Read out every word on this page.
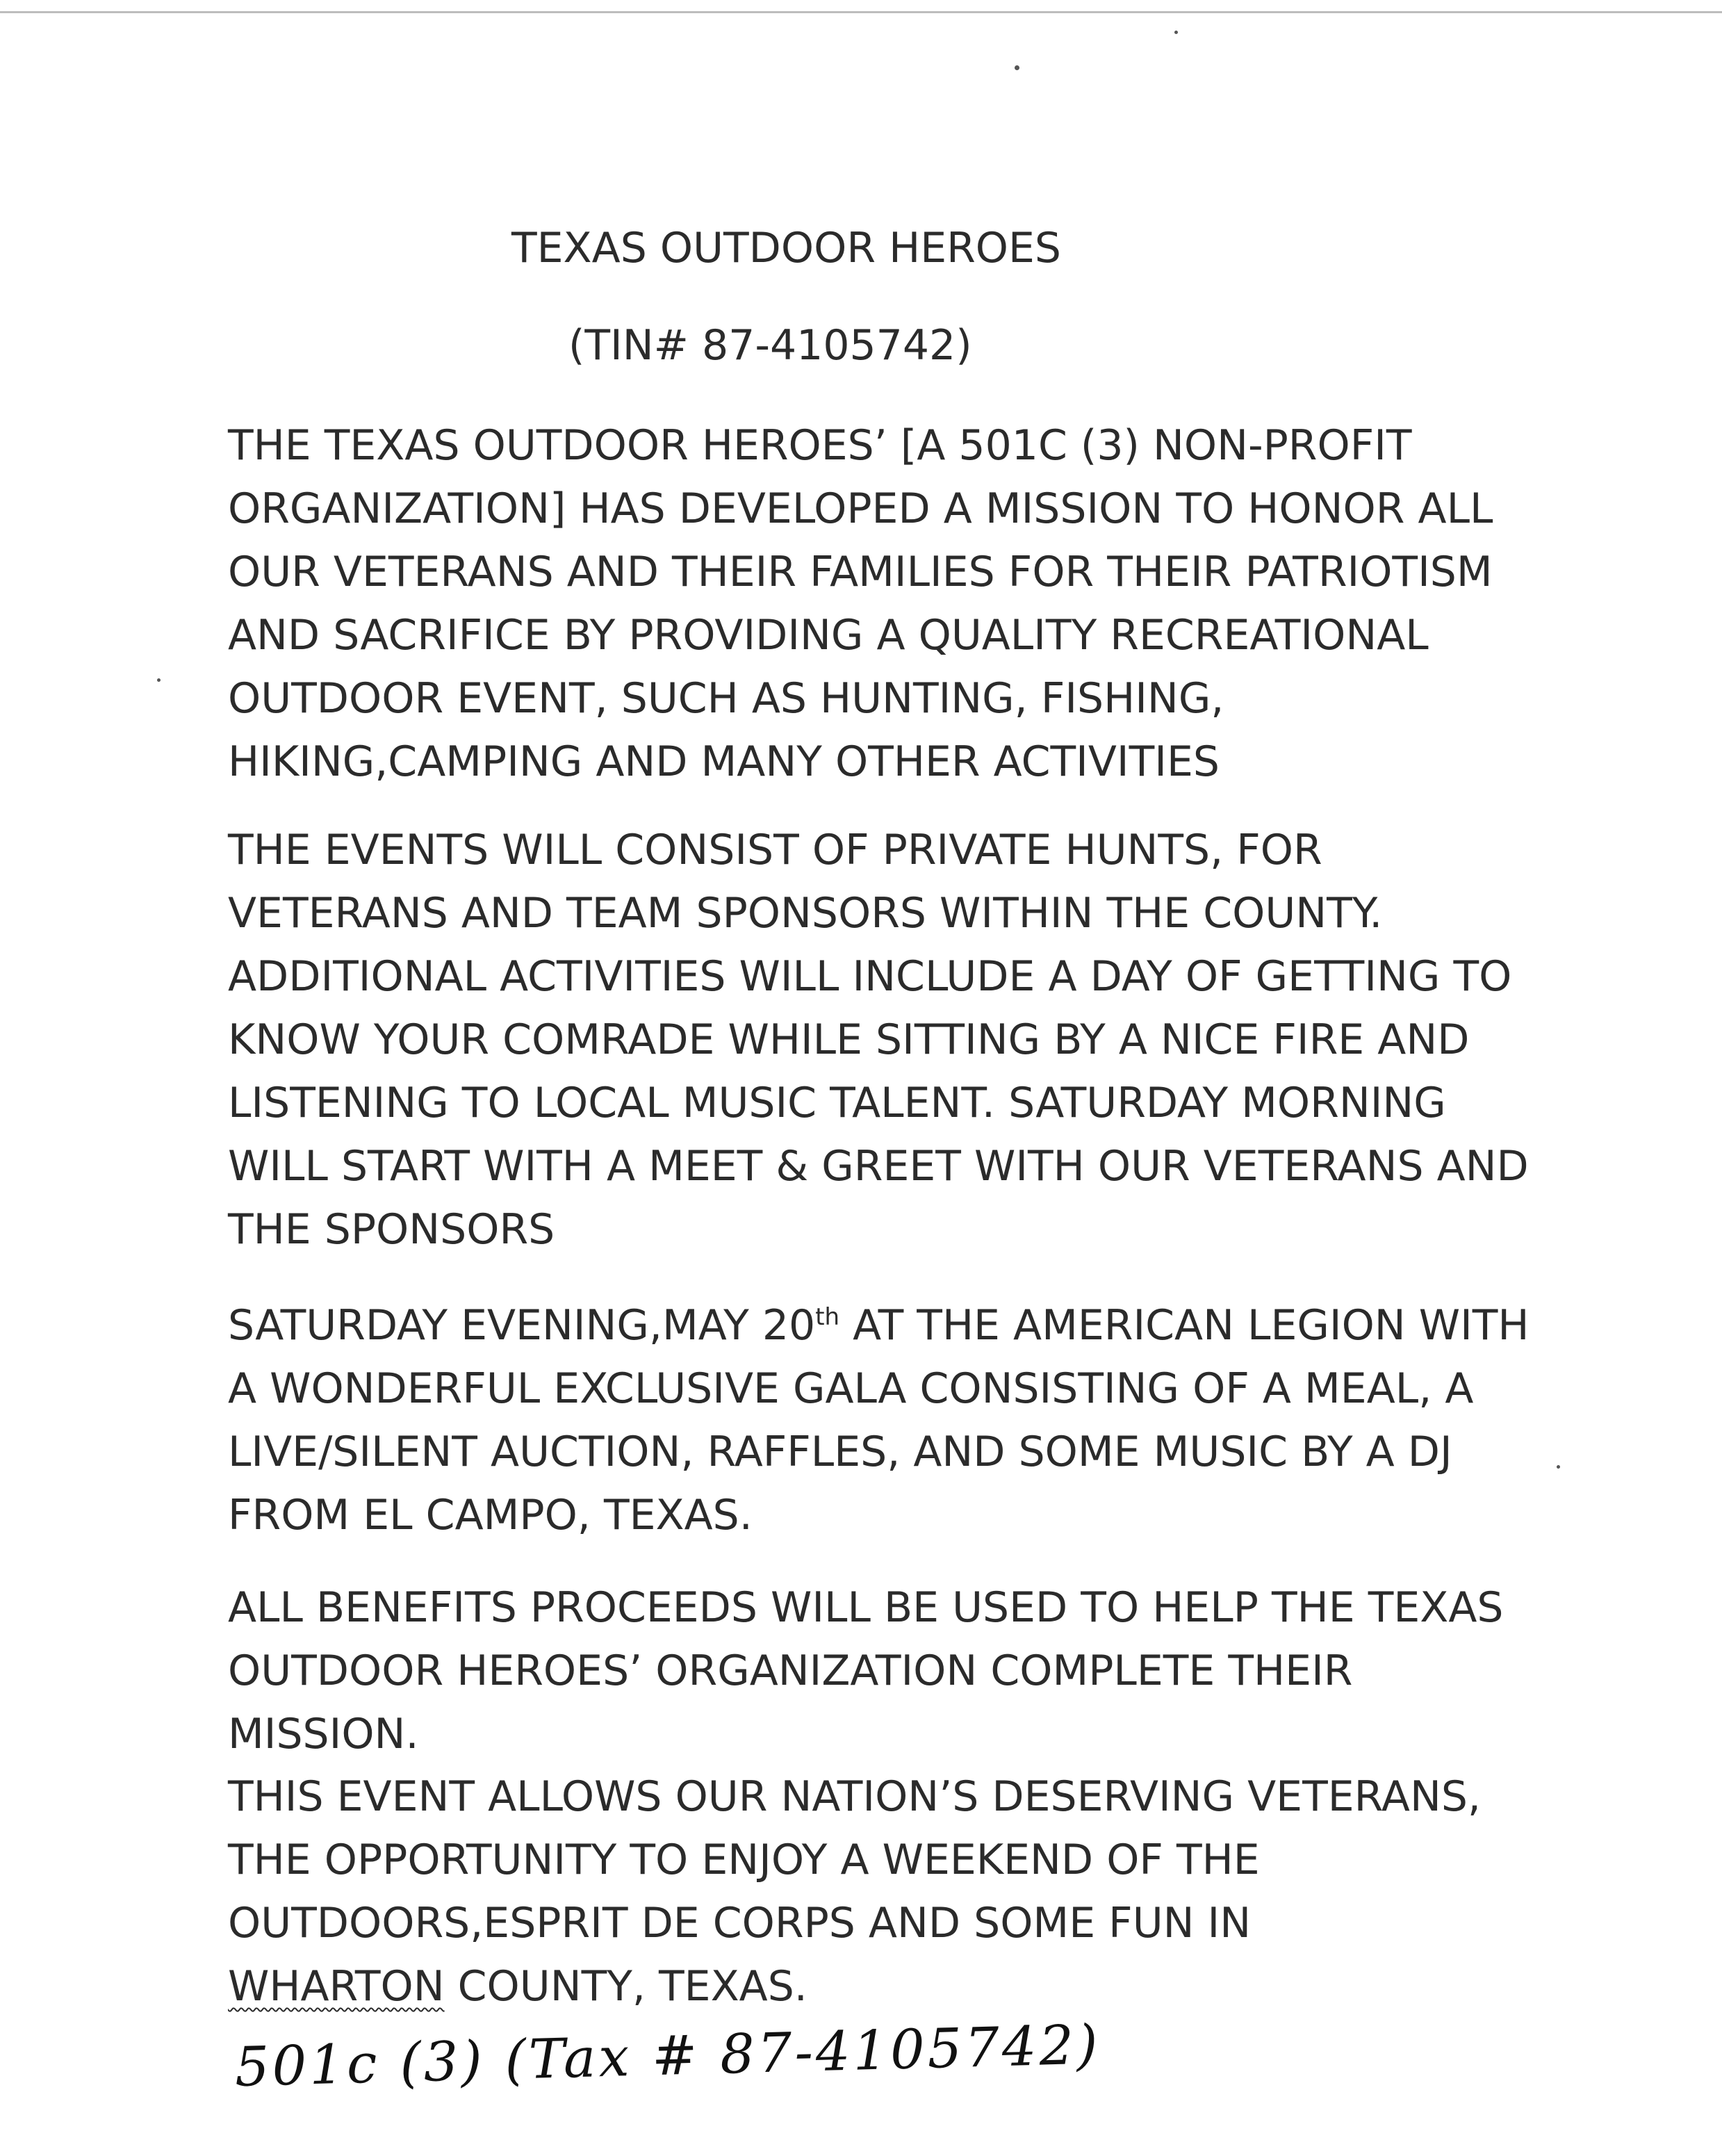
TEXAS OUTDOOR HEROES
(TIN# 87-4105742)
THE TEXAS OUTDOOR HEROES’ [A 501C (3) NON-PROFIT
ORGANIZATION] HAS DEVELOPED A MISSION TO HONOR ALL
OUR VETERANS AND THEIR FAMILIES FOR THEIR PATRIOTISM
AND SACRIFICE BY PROVIDING A QUALITY RECREATIONAL
OUTDOOR EVENT, SUCH AS HUNTING, FISHING,
HIKING,CAMPING AND MANY OTHER ACTIVITIES
THE EVENTS WILL CONSIST OF PRIVATE HUNTS, FOR
VETERANS AND TEAM SPONSORS WITHIN THE COUNTY.
ADDITIONAL ACTIVITIES WILL INCLUDE A DAY OF GETTING TO
KNOW YOUR COMRADE WHILE SITTING BY A NICE FIRE AND
LISTENING TO LOCAL MUSIC TALENT. SATURDAY MORNING
WILL START WITH A MEET & GREET WITH OUR VETERANS AND
THE SPONSORS
SATURDAY EVENING,MAY 20th AT THE AMERICAN LEGION WITH
A WONDERFUL EXCLUSIVE GALA CONSISTING OF A MEAL, A
LIVE/SILENT AUCTION, RAFFLES, AND SOME MUSIC BY A DJ
FROM EL CAMPO, TEXAS.
ALL BENEFITS PROCEEDS WILL BE USED TO HELP THE TEXAS
OUTDOOR HEROES’ ORGANIZATION COMPLETE THEIR
MISSION.
THIS EVENT ALLOWS OUR NATION’S DESERVING VETERANS,
THE OPPORTUNITY TO ENJOY A WEEKEND OF THE
OUTDOORS,ESPRIT DE CORPS AND SOME FUN IN
WHARTON COUNTY, TEXAS.
501c (3) (Tax # 87-4105742)
